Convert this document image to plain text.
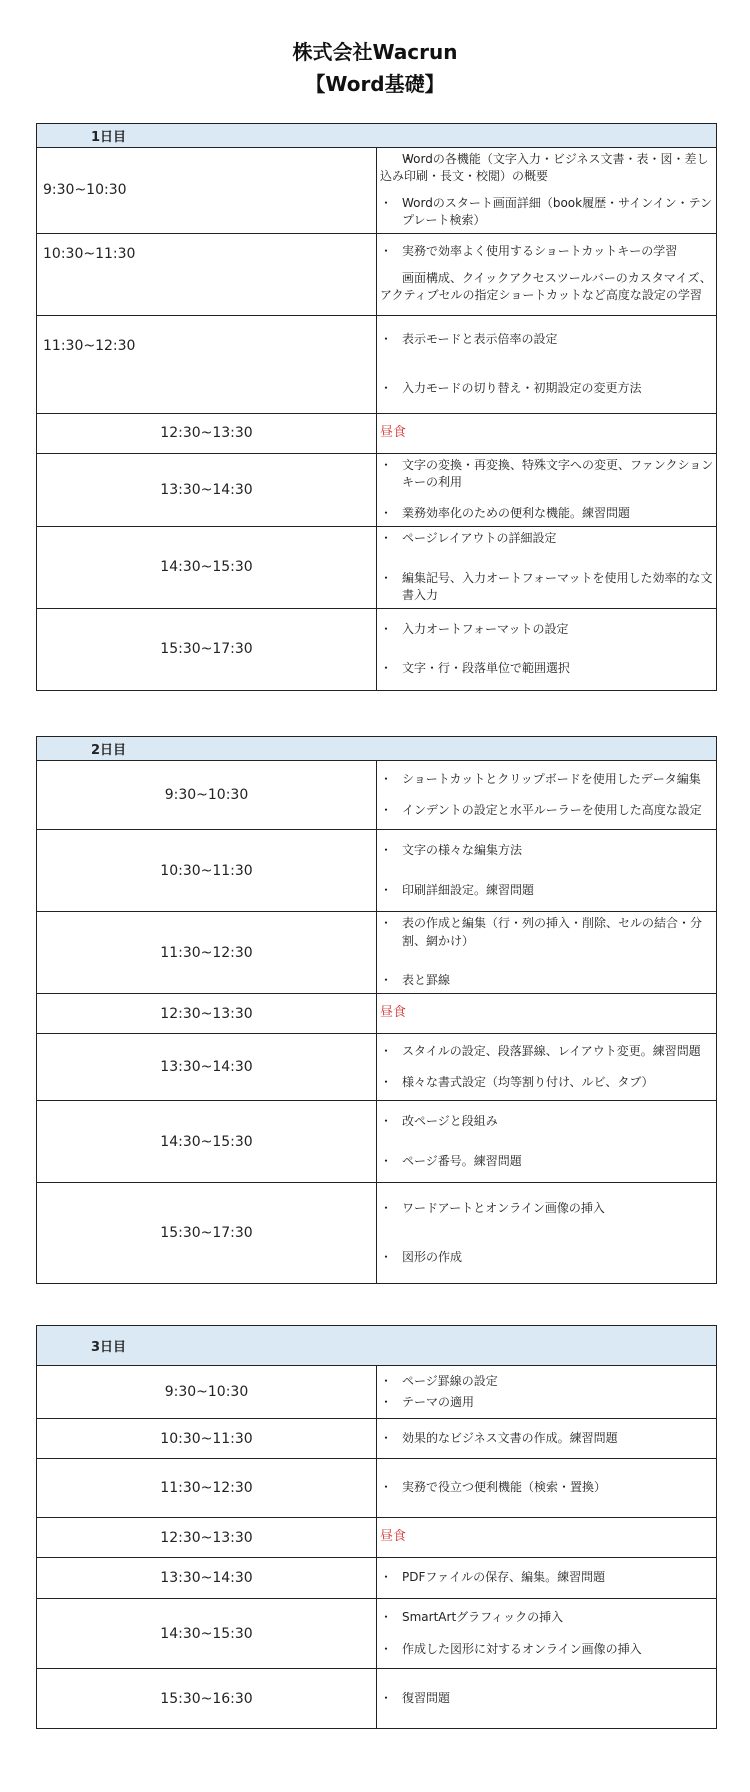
株式会社Wacrun
【Word基礎】
1日目	
9:30~10:30	・ Wordの各機能（文字入力・ビジネス文書・表・図・差し込み印刷・長文・校閲）の概要
・ Wordのスタート画面詳細（book履歴・サインイン・テンプレート検索）

10:30~11:30	・ 実務で効率よく使用するショートカットキーの学習
・ 画面構成、クイックアクセスツールバーのカスタマイズ、アクティブセルの指定ショートカットなど高度な設定の学習

11:30~12:30	・ 表示モードと表示倍率の設定
・ 入力モードの切り替え・初期設定の変更方法

12:30~13:30	昼食
13:30~14:30	・ 文字の変換・再変換、特殊文字への変更、ファンクションキーの利用
・ 業務効率化のための便利な機能。練習問題

14:30~15:30	・ ページレイアウトの詳細設定
・ 編集記号、入力オートフォーマットを使用した効率的な文書入力

15:30~17:30	・ 入力オートフォーマットの設定
・ 文字・行・段落単位で範囲選択
2日目	
9:30~10:30	・ ショートカットとクリップボードを使用したデータ編集
・ インデントの設定と水平ルーラーを使用した高度な設定

10:30~11:30	・ 文字の様々な編集方法
・ 印刷詳細設定。練習問題

11:30~12:30	・ 表の作成と編集（行・列の挿入・削除、セルの結合・分割、網かけ）
・ 表と罫線

12:30~13:30	昼食
13:30~14:30	・ スタイルの設定、段落罫線、レイアウト変更。練習問題
・ 様々な書式設定（均等割り付け、ルビ、タブ）

14:30~15:30	・ 改ページと段組み
・ ページ番号。練習問題

15:30~17:30	・ ワードアートとオンライン画像の挿入
・ 図形の作成
3日目	
9:30~10:30	・ ページ罫線の設定
・ テーマの適用

10:30~11:30	・ 効果的なビジネス文書の作成。練習問題

11:30~12:30	・ 実務で役立つ便利機能（検索・置換）

12:30~13:30	昼食
13:30~14:30	・ PDFファイルの保存、編集。練習問題

14:30~15:30	・ SmartArtグラフィックの挿入
・ 作成した図形に対するオンライン画像の挿入

15:30~16:30	・ 復習問題
